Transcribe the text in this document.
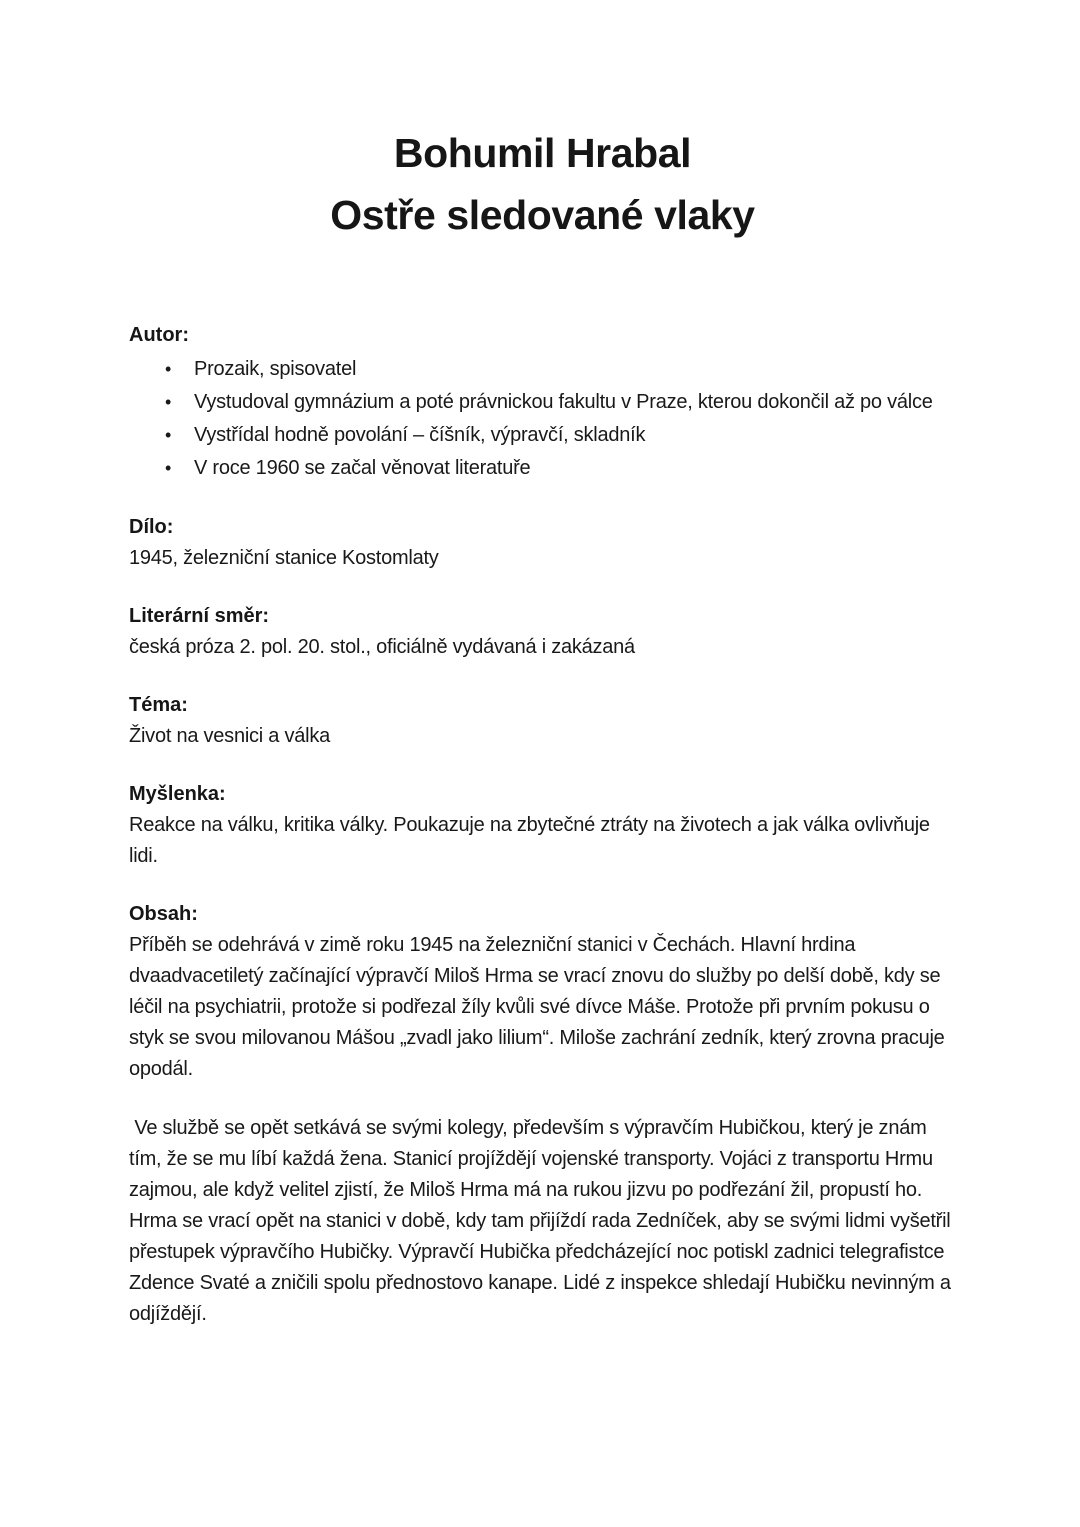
Bohumil Hrabal
Ostře sledované vlaky
Autor:
• Prozaik, spisovatel
• Vystudoval gymnázium a poté právnickou fakultu v Praze, kterou dokončil až po válce
• Vystřídal hodně povolání – číšník, výpravčí, skladník
• V roce 1960 se začal věnovat literatuře
Dílo:

1945, železniční stanice Kostomlaty

Literární směr:

česká próza 2. pol. 20. stol., oficiálně vydávaná i zakázaná

Téma:

Život na vesnici a válka

Myšlenka:

Reakce na válku, kritika války. Poukazuje na zbytečné ztráty na životech a jak válka ovlivňuje lidi.

Obsah:

Příběh se odehrává v zimě roku 1945 na železniční stanici v Čechách. Hlavní hrdina dvaadvacetiletý začínající výpravčí Miloš Hrma se vrací znovu do služby po delší době, kdy se léčil na psychiatrii, protože si podřezal žíly kvůli své dívce Máše. Protože při prvním pokusu o styk se svou milovanou Mášou „zvadl jako lilium“. Miloše zachrání zedník, který zrovna pracuje opodál.

Ve službě se opět setkává se svými kolegy, především s výpravčím Hubičkou, který je znám tím, že se mu líbí každá žena. Stanicí projíždějí vojenské transporty. Vojáci z transportu Hrmu zajmou, ale když velitel zjistí, že Miloš Hrma má na rukou jizvu po podřezání žil, propustí ho. Hrma se vrací opět na stanici v době, kdy tam přijíždí rada Zedníček, aby se svými lidmi vyšetřil přestupek výpravčího Hubičky. Výpravčí Hubička předcházející noc potiskl zadnici telegrafistce Zdence Svaté a zničili spolu přednostovo kanape. Lidé z inspekce shledají Hubičku nevinným a odjíždějí.
